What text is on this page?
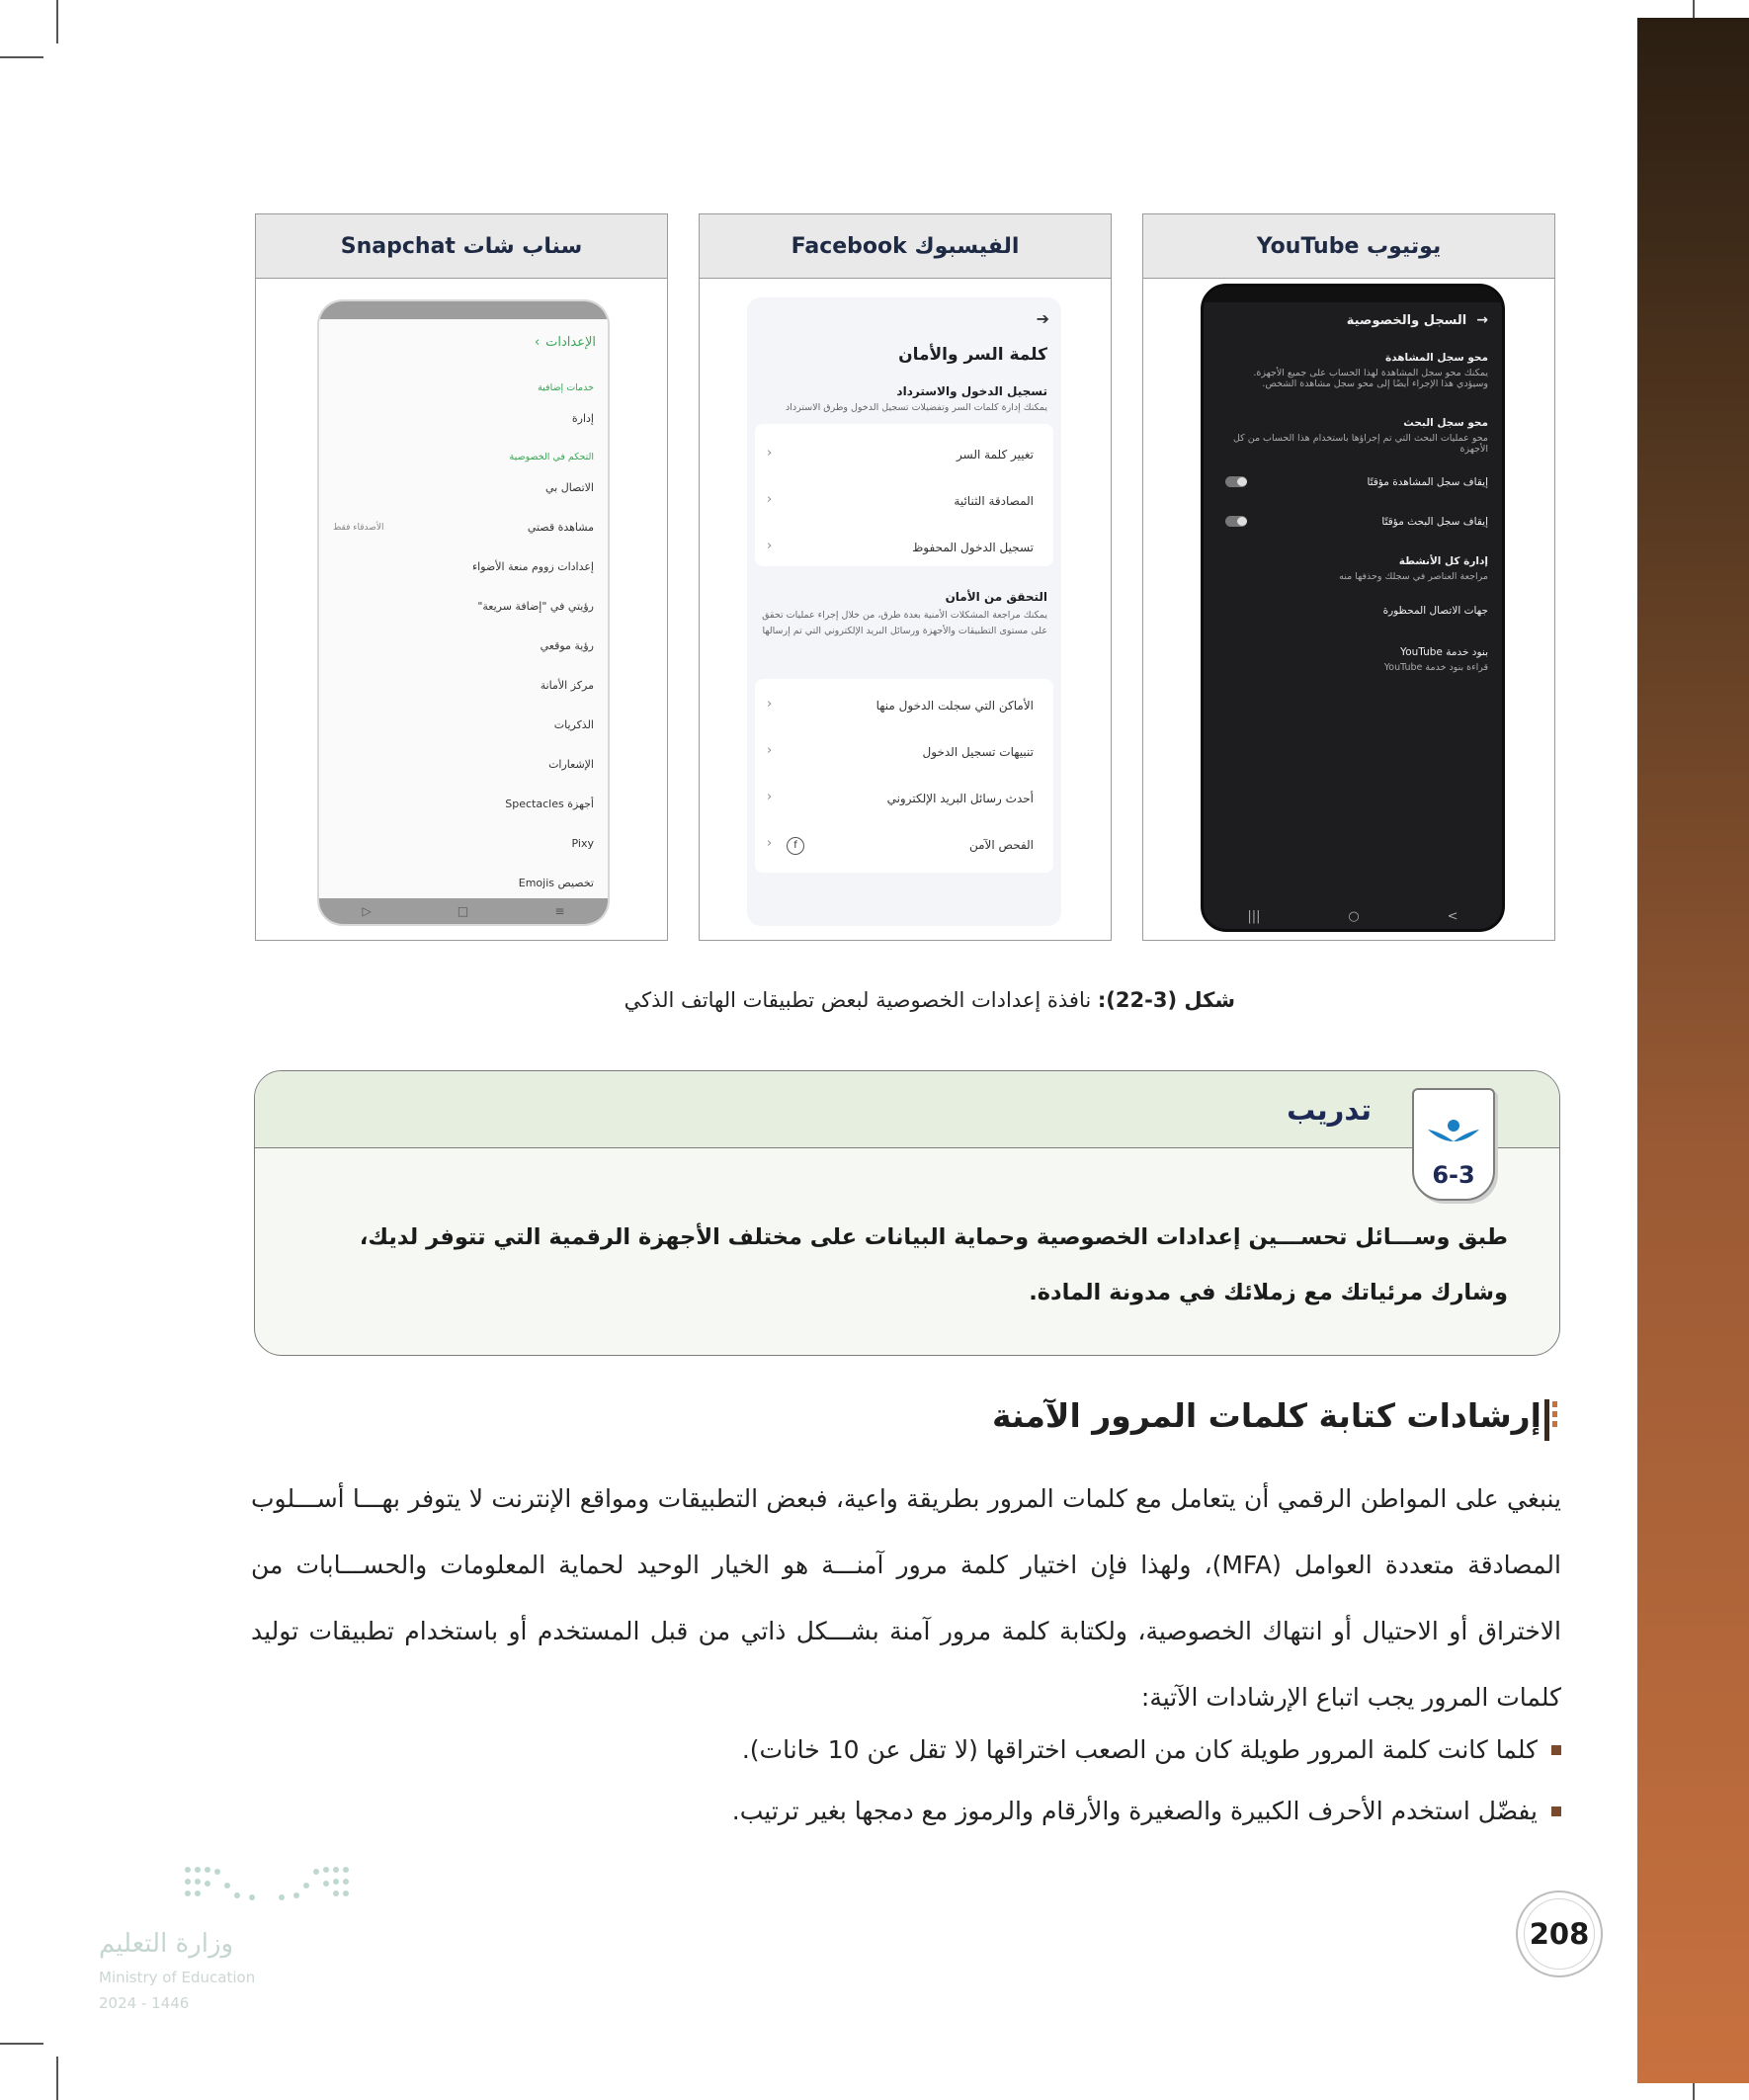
يوتيوب YouTube
→
السجل والخصوصية
محو سجل المشاهدة
يمكنك محو سجل المشاهدة لهذا الحساب على جميع الأجهزة. وسيؤدي هذا الإجراء أيضًا إلى محو سجل مشاهدة الشخص.
محو سجل البحث
محو عمليات البحث التي تم إجراؤها باستخدام هذا الحساب من كل الأجهزة
إيقاف سجل المشاهدة مؤقتًا
إيقاف سجل البحث مؤقتًا
إدارة كل الأنشطة
مراجعة العناصر في سجلك وحذفها منه
جهات الاتصال المحظورة
بنود خدمة YouTube
قراءة بنود خدمة YouTube
|||	○	<
الفيسبوك Facebook
➔
كلمة السر والأمان
تسجيل الدخول والاسترداد
يمكنك إدارة كلمات السر وتفضيلات تسجيل الدخول وطرق الاسترداد
تغيير كلمة السر
‹
المصادقة الثنائية
‹
تسجيل الدخول المحفوظ
‹
التحقق من الأمان
يمكنك مراجعة المشكلات الأمنية بعدة طرق، من خلال إجراء عمليات تحقق على مستوى التطبيقات والأجهزة ورسائل البريد الإلكتروني التي تم إرسالها
الأماكن التي سجلت الدخول منها
‹
تنبيهات تسجيل الدخول
‹
أحدث رسائل البريد الإلكتروني
‹
الفحص الآمن
‹	f
سناب شات Snapchat
الإعدادات
›
خدمات إضافية
إدارة
التحكم في الخصوصية
الاتصال بي
مشاهدة قصتي
الأصدقاء فقط
إعدادات زووم منعة الأضواء
رؤيتي في "إضافة سريعة"
رؤية موقعي
مركز الأمانة
الذكريات
الإشعارات
أجهزة Spectacles
Pixy
تخصيص Emojis
▷	□	≡
شكل (3-22): نافذة إعدادات الخصوصية لبعض تطبيقات الهاتف الذكي
تدريب
طبق وســـائل تحســـين إعدادات الخصوصية وحماية البيانات على مختلف الأجهزة الرقمية التي تتوفر لديك، وشارك مرئياتك مع زملائك في مدونة المادة.
6-3
إرشادات كتابة كلمات المرور الآمنة
ينبغي على المواطن الرقمي أن يتعامل مع كلمات المرور بطريقة واعية، فبعض التطبيقات ومواقع الإنترنت لا يتوفر بهـــا أســـلوب المصادقة متعددة العوامل (MFA)، ولهذا فإن اختيار كلمة مرور آمنـــة هو الخيار الوحيد لحماية المعلومات والحســـابات من الاختراق أو الاحتيال أو انتهاك الخصوصية، ولكتابة كلمة مرور آمنة بشـــكل ذاتي من قبل المستخدم أو باستخدام تطبيقات توليد كلمات المرور يجب اتباع الإرشادات الآتية:
كلما كانت كلمة المرور طويلة كان من الصعب اختراقها (لا تقل عن 10 خانات).
يفضّل استخدم الأحرف الكبيرة والصغيرة والأرقام والرموز مع دمجها بغير ترتيب.
وزارة التعليم
Ministry of Education
2024 - 1446
208
